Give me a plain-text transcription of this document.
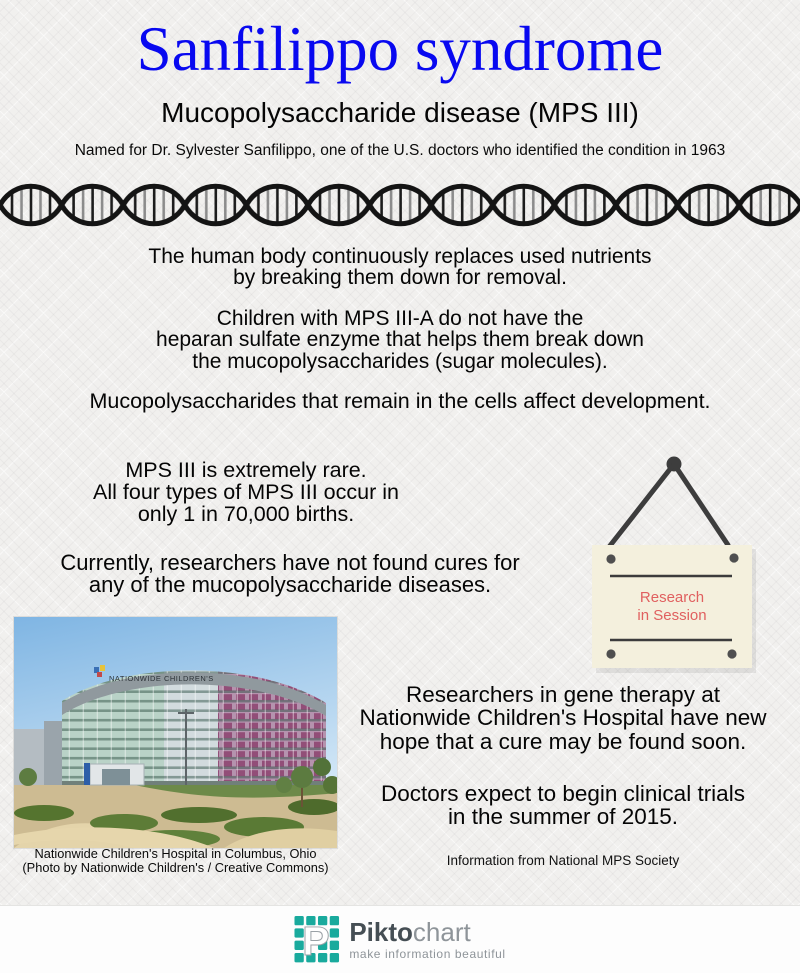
Sanfilippo syndrome
Mucopolysaccharide disease (MPS III)
Named for Dr. Sylvester Sanfilippo, one of the U.S. doctors who identified the condition in 1963
The human body continuously replaces used nutrients
by breaking them down for removal.
Children with MPS III-A do not have the
heparan sulfate enzyme that helps them break down
the mucopolysaccharides (sugar molecules).
Mucopolysaccharides that remain in the cells affect development.
MPS III is extremely rare.
All four types of MPS III occur in
only 1 in 70,000 births.
Currently, researchers have not found cures for
any of the mucopolysaccharide diseases.
Research
in Session
NATIONWIDE CHILDREN'S
Nationwide Children's Hospital in Columbus, Ohio
(Photo by Nationwide Children's / Creative Commons)
Researchers in gene therapy at
Nationwide Children's Hospital have new
hope that a cure may be found soon.
Doctors expect to begin clinical trials
in the summer of 2015.
Information from National MPS Society
P Piktochart
make information beautiful
